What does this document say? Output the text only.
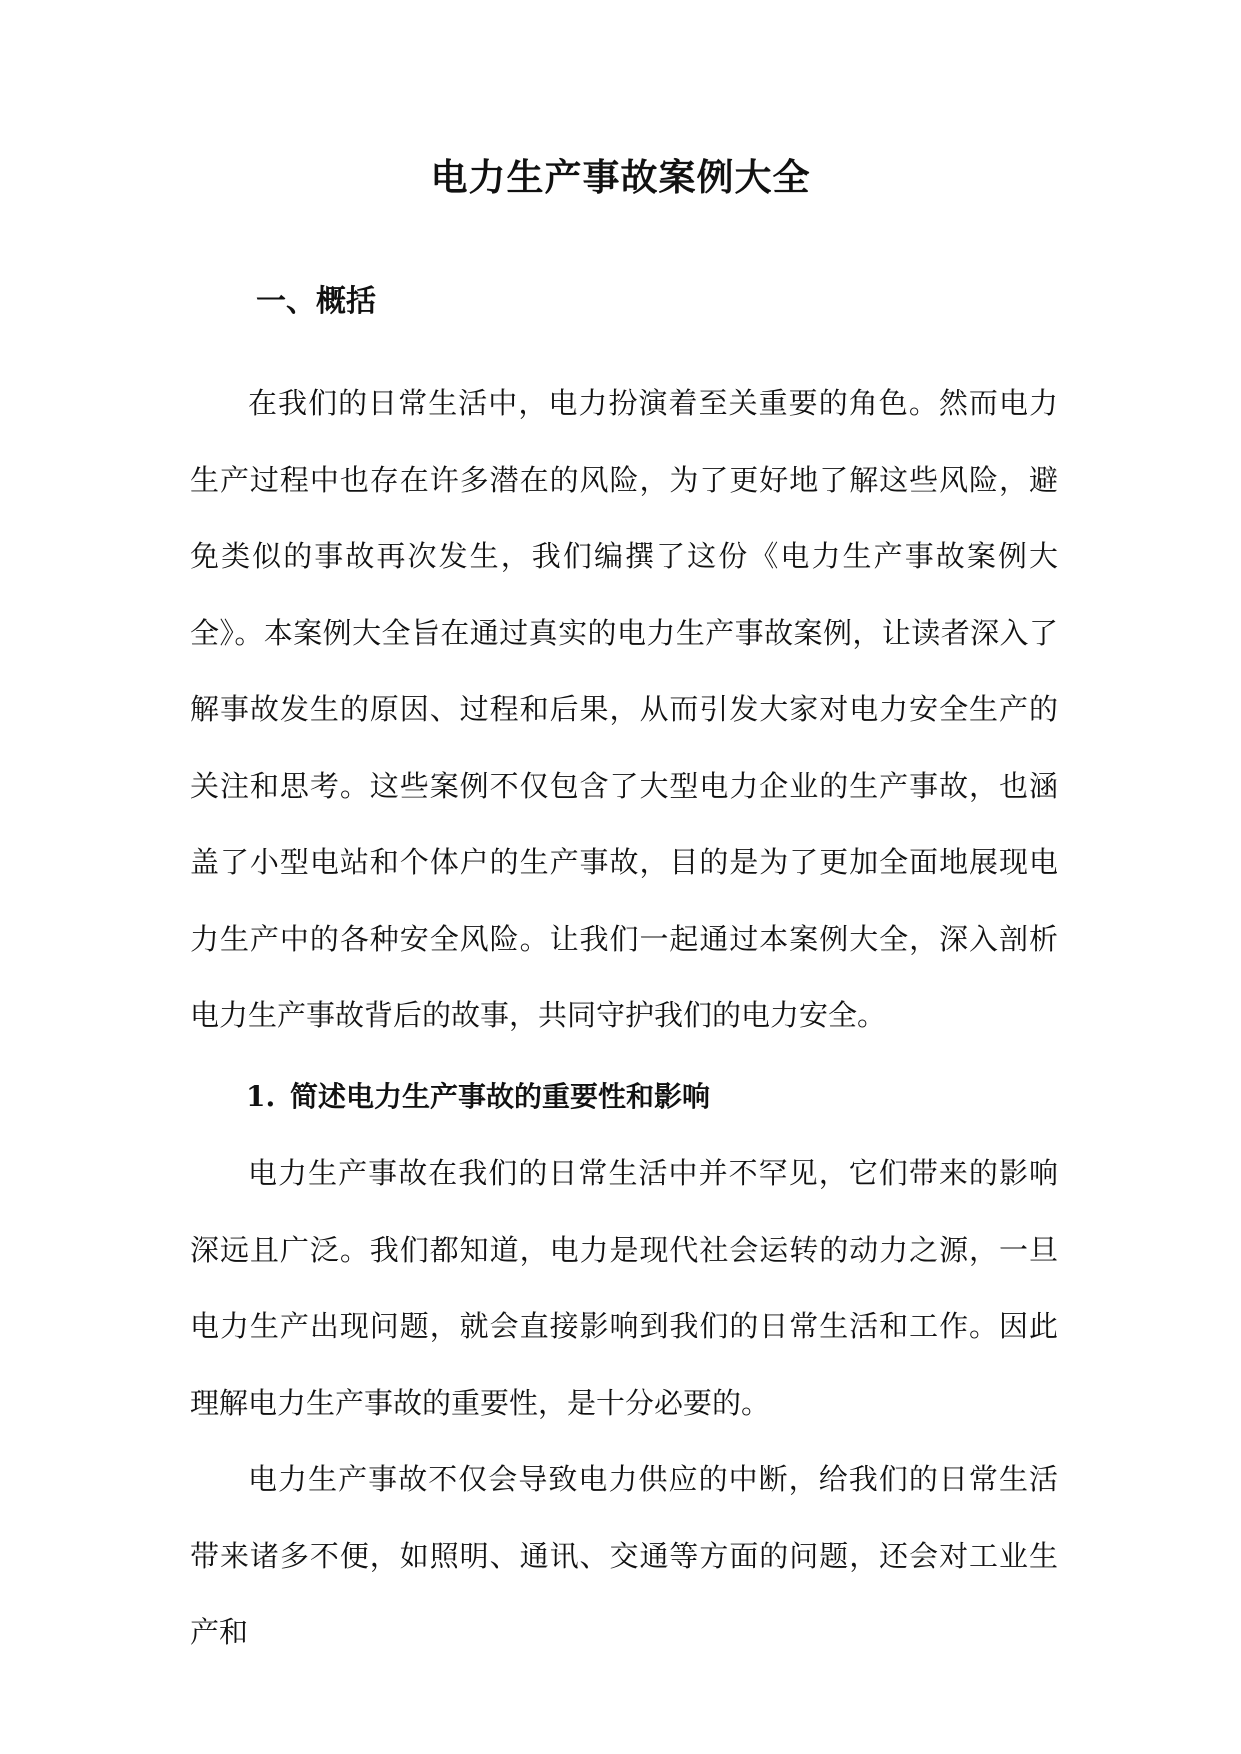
电力生产事故案例大全
一、概括

在我们的日常生活中，电力扮演着至关重要的角色。然而电力生产过程中也存在许多潜在的风险，为了更好地了解这些风险，避免类似的事故再次发生，我们编撰了这份《电力生产事故案例大全》。本案例大全旨在通过真实的电力生产事故案例，让读者深入了解事故发生的原因、过程和后果，从而引发大家对电力安全生产的关注和思考。这些案例不仅包含了大型电力企业的生产事故，也涵盖了小型电站和个体户的生产事故，目的是为了更加全面地展现电力生产中的各种安全风险。让我们一起通过本案例大全，深入剖析电力生产事故背后的故事，共同守护我们的电力安全。

1. 简述电力生产事故的重要性和影响

电力生产事故在我们的日常生活中并不罕见，它们带来的影响深远且广泛。我们都知道，电力是现代社会运转的动力之源，一旦电力生产出现问题，就会直接影响到我们的日常生活和工作。因此理解电力生产事故的重要性，是十分必要的。

电力生产事故不仅会导致电力供应的中断，给我们的日常生活带来诸多不便，如照明、通讯、交通等方面的问题，还会对工业生产和
